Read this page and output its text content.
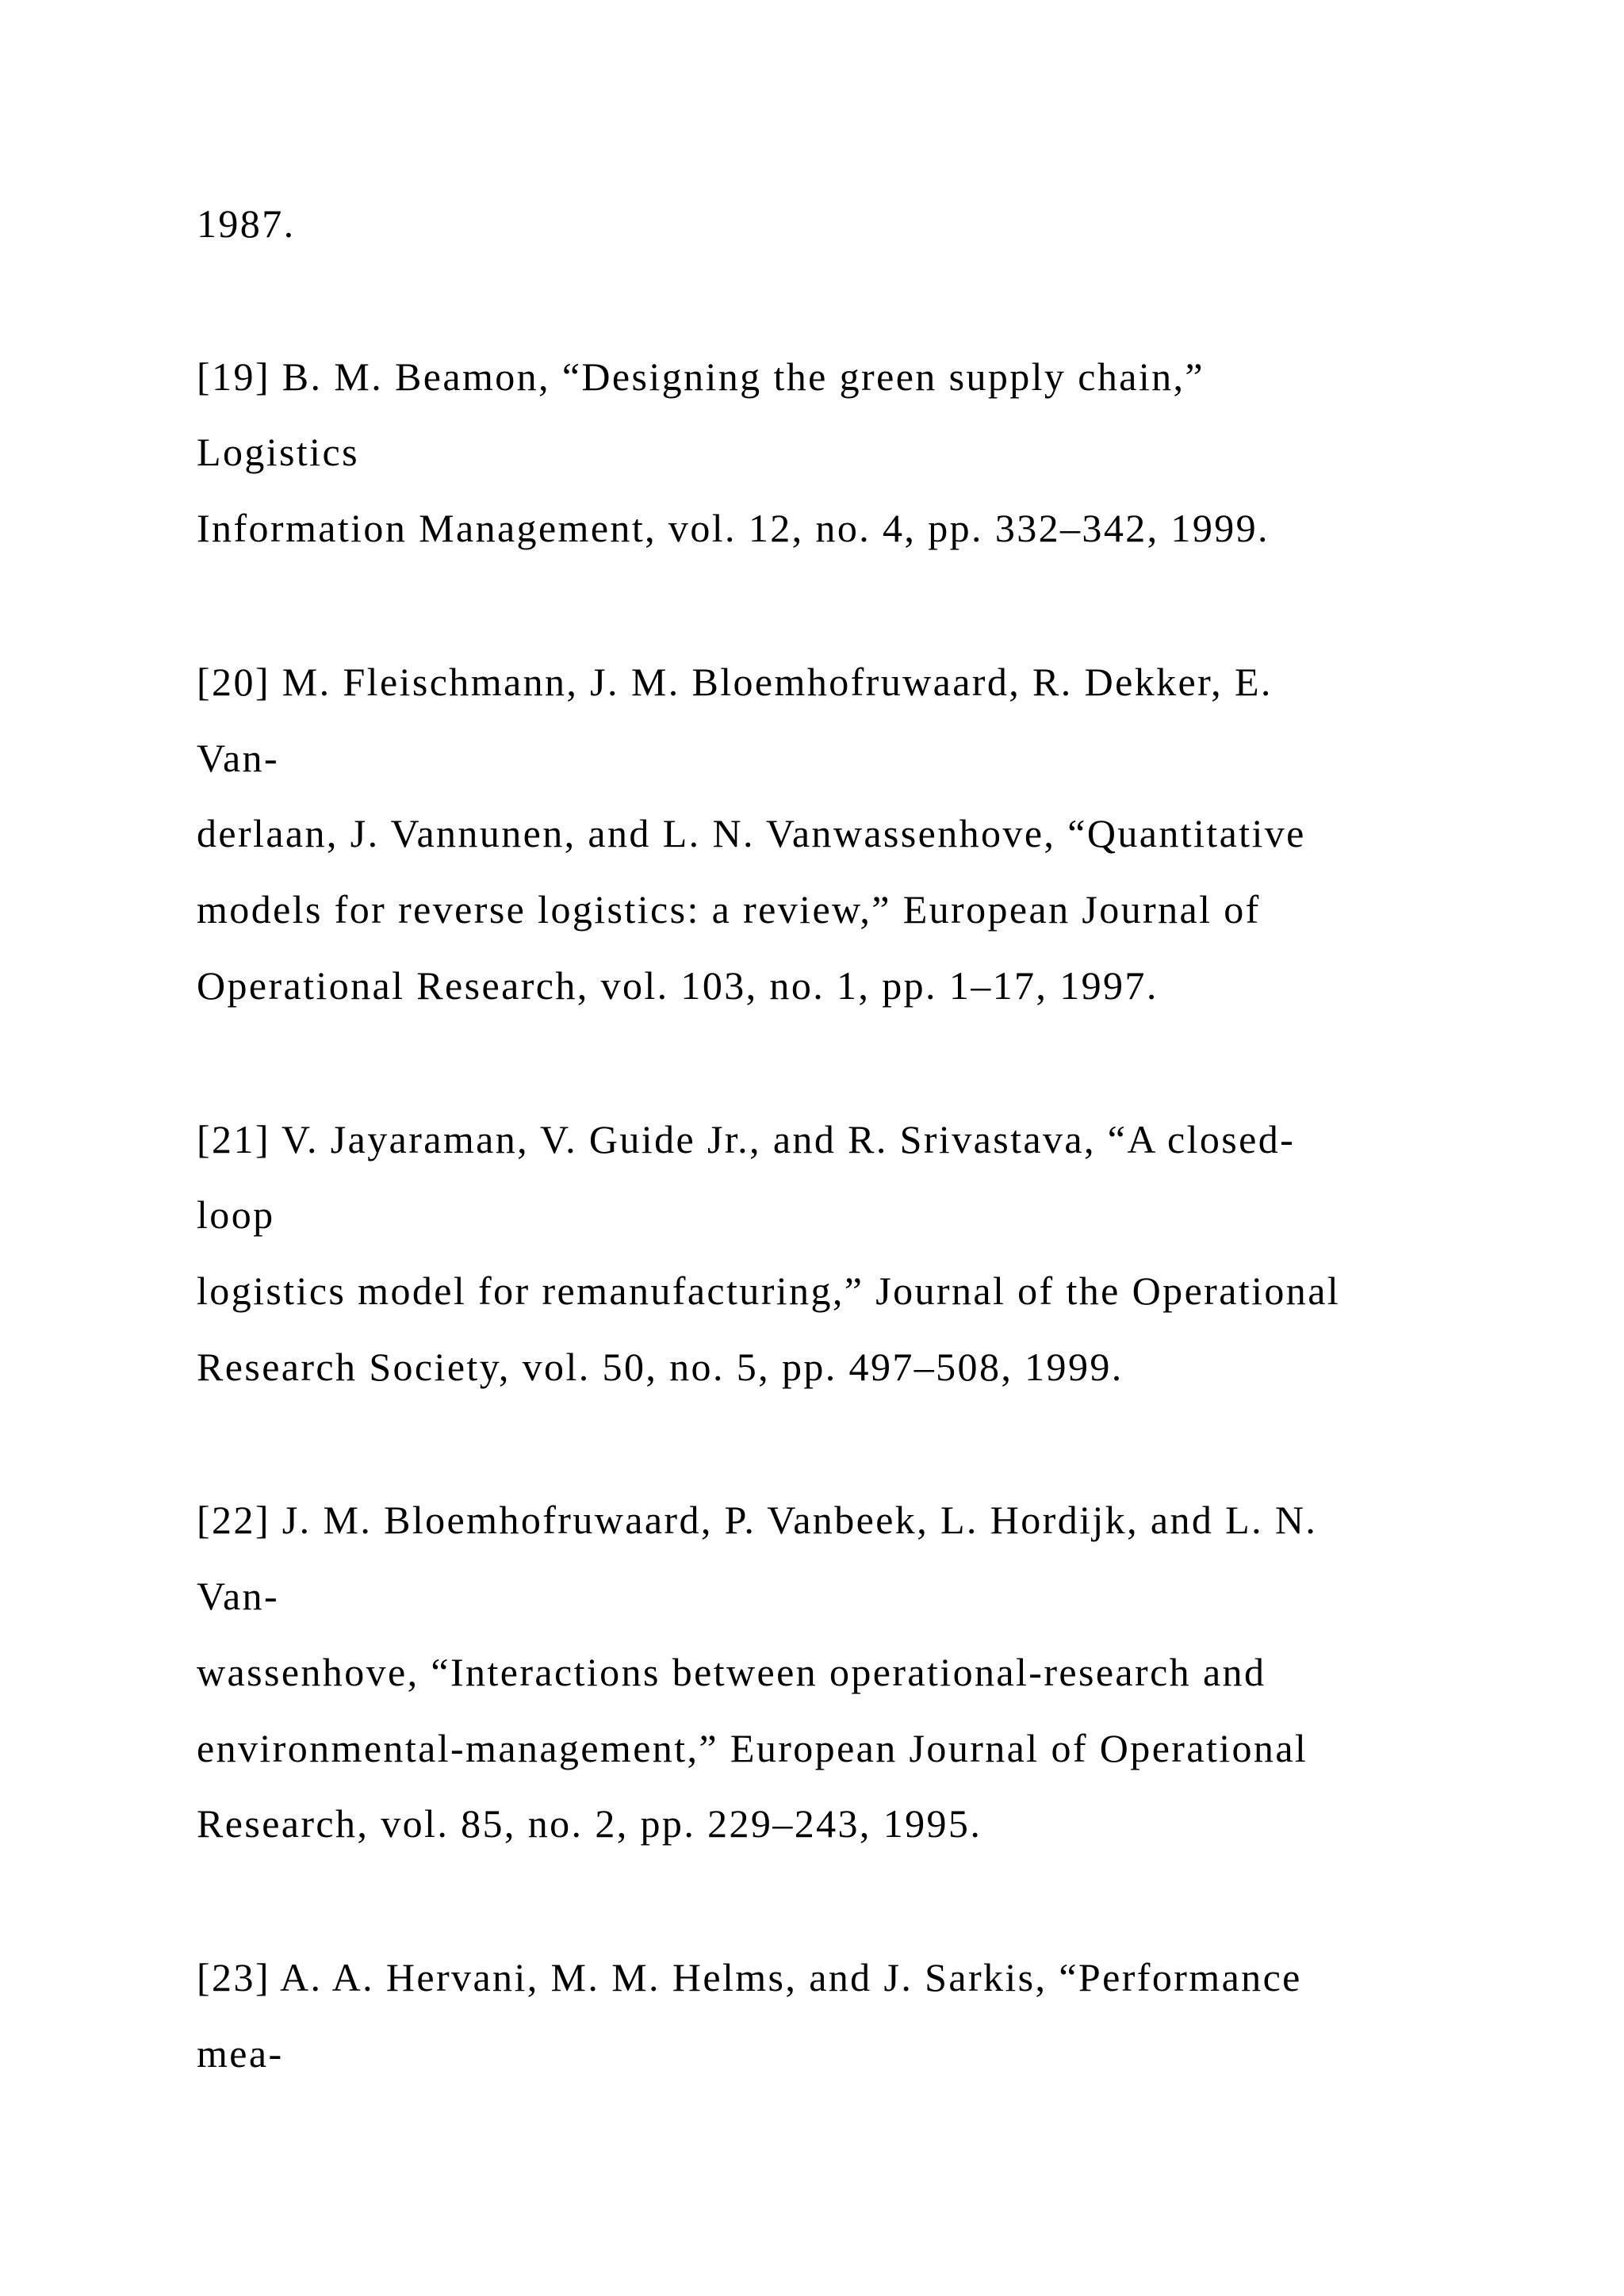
1987.
[19] B. M. Beamon, “Designing the green supply chain,”
Logistics
Information Management, vol. 12, no. 4, pp. 332–342, 1999.
[20] M. Fleischmann, J. M. Bloemhofruwaard, R. Dekker, E.
Van-
derlaan, J. Vannunen, and L. N. Vanwassenhove, “Quantitative
models for reverse logistics: a review,” European Journal of
Operational Research, vol. 103, no. 1, pp. 1–17, 1997.
[21] V. Jayaraman, V. Guide Jr., and R. Srivastava, “A closed-
loop
logistics model for remanufacturing,” Journal of the Operational
Research Society, vol. 50, no. 5, pp. 497–508, 1999.
[22] J. M. Bloemhofruwaard, P. Vanbeek, L. Hordijk, and L. N.
Van-
wassenhove, “Interactions between operational-research and
environmental-management,” European Journal of Operational
Research, vol. 85, no. 2, pp. 229–243, 1995.
[23] A. A. Hervani, M. M. Helms, and J. Sarkis, “Performance
mea-
